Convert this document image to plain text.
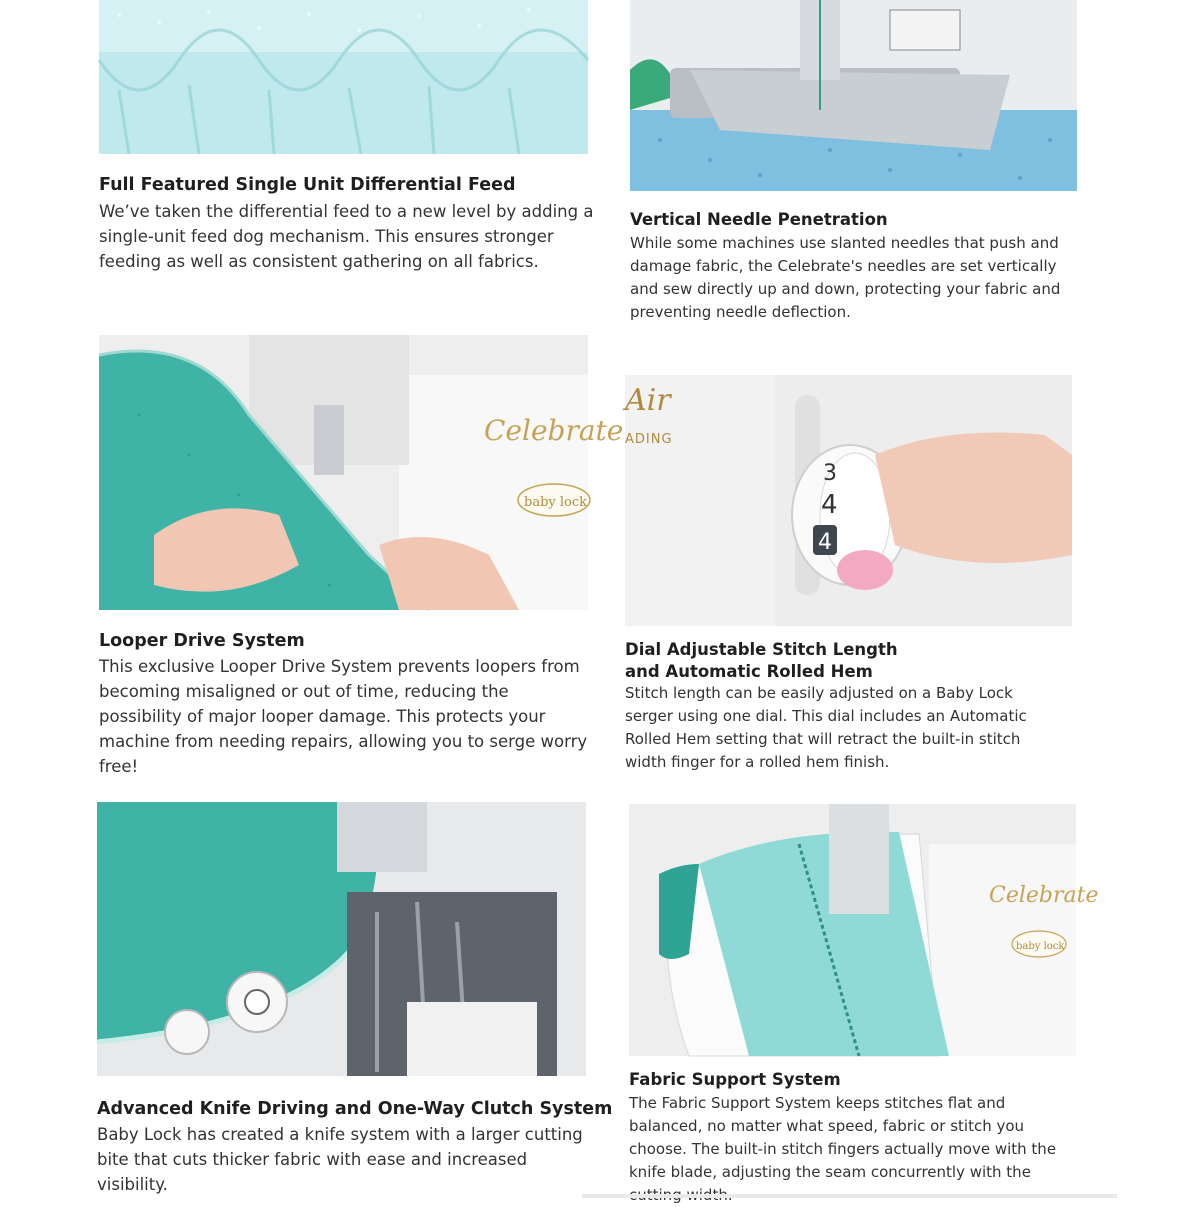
Full Featured Single Unit Differential Feed

We’ve taken the differential feed to a new level by adding a single-unit feed dog mechanism. This ensures stronger feeding as well as consistent gathering on all fabrics.

Vertical Needle Penetration

While some machines use slanted needles that push and damage fabric, the Celebrate's needles are set vertically and sew directly up and down, protecting your fabric and preventing needle deflection.

Celebrate
baby lock
Looper Drive System

This exclusive Looper Drive System prevents loopers from becoming misaligned or out of time, reducing the possibility of major looper damage. This protects your machine from needing repairs, allowing you to serge worry free!

3
4
4
Air
ADING
Dial Adjustable Stitch Length and Automatic Rolled Hem

Stitch length can be easily adjusted on a Baby Lock serger using one dial. This dial includes an Automatic Rolled Hem setting that will retract the built-in stitch width finger for a rolled hem finish.

Advanced Knife Driving and One-Way Clutch System

Baby Lock has created a knife system with a larger cutting bite that cuts thicker fabric with ease and increased visibility.

Celebrate
baby lock
Fabric Support System

The Fabric Support System keeps stitches flat and balanced, no matter what speed, fabric or stitch you choose. The built-in stitch fingers actually move with the knife blade, adjusting the seam concurrently with the
